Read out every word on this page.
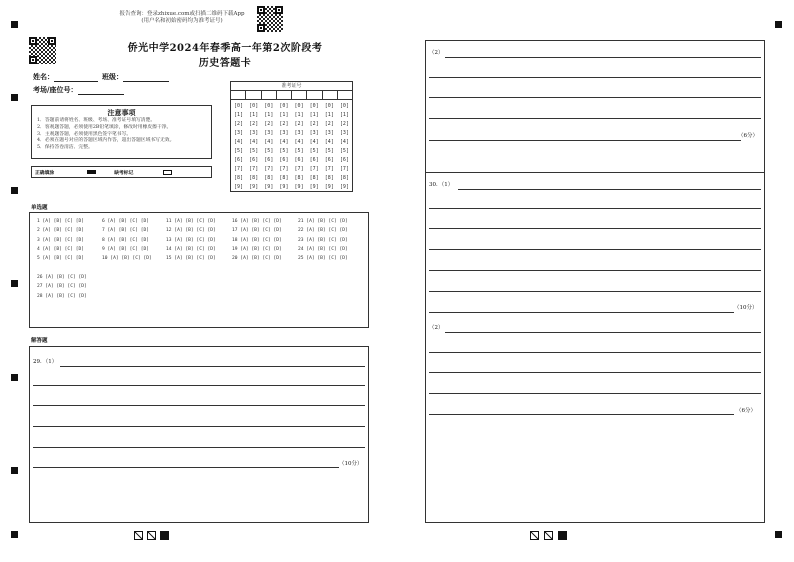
报告查询：登录zhixue.com或扫描二维码下载App
(用户名和初始密码均为准考证号)
侨光中学2024年春季高一年第2次阶段考
历史答题卡
姓名：	班级：
考场/座位号：
注意事项

1．答题前请将姓名、班级、考场、准考证号填写清楚。

2．客观题答题，必须使用2B铅笔填涂，修改时用橡皮擦干净。

3．主观题答题，必须使用黑色签字笔书写。

4．必须在题号对应的答题区域内作答，超出答题区域书写无效。

5．保持答卷清洁、完整。

正确填涂	缺考标记
准考证号
[0]
[1]
[2]
[3]
[4]
[5]
[6]
[7]
[8]
[9]
[0]
[1]
[2]
[3]
[4]
[5]
[6]
[7]
[8]
[9]
[0]
[1]
[2]
[3]
[4]
[5]
[6]
[7]
[8]
[9]
[0]
[1]
[2]
[3]
[4]
[5]
[6]
[7]
[8]
[9]
[0]
[1]
[2]
[3]
[4]
[5]
[6]
[7]
[8]
[9]
[0]
[1]
[2]
[3]
[4]
[5]
[6]
[7]
[8]
[9]
[0]
[1]
[2]
[3]
[4]
[5]
[6]
[7]
[8]
[9]
[0]
[1]
[2]
[3]
[4]
[5]
[6]
[7]
[8]
[9]
单选题
1 [A] [B] [C] [D]
2 [A] [B] [C] [D]
3 [A] [B] [C] [D]
4 [A] [B] [C] [D]
5 [A] [B] [C] [D]
6 [A] [B] [C] [D]
7 [A] [B] [C] [D]
8 [A] [B] [C] [D]
9 [A] [B] [C] [D]
10 [A] [B] [C] [D]
11 [A] [B] [C] [D]
12 [A] [B] [C] [D]
13 [A] [B] [C] [D]
14 [A] [B] [C] [D]
15 [A] [B] [C] [D]
16 [A] [B] [C] [D]
17 [A] [B] [C] [D]
18 [A] [B] [C] [D]
19 [A] [B] [C] [D]
20 [A] [B] [C] [D]
21 [A] [B] [C] [D]
22 [A] [B] [C] [D]
23 [A] [B] [C] [D]
24 [A] [B] [C] [D]
25 [A] [B] [C] [D]
26 [A] [B] [C] [D]
27 [A] [B] [C] [D]
28 [A] [B] [C] [D]
解答题
29．（1）
（10分）
（2）
（6分）
30．（1）
（10分）
（2）
（6分）
